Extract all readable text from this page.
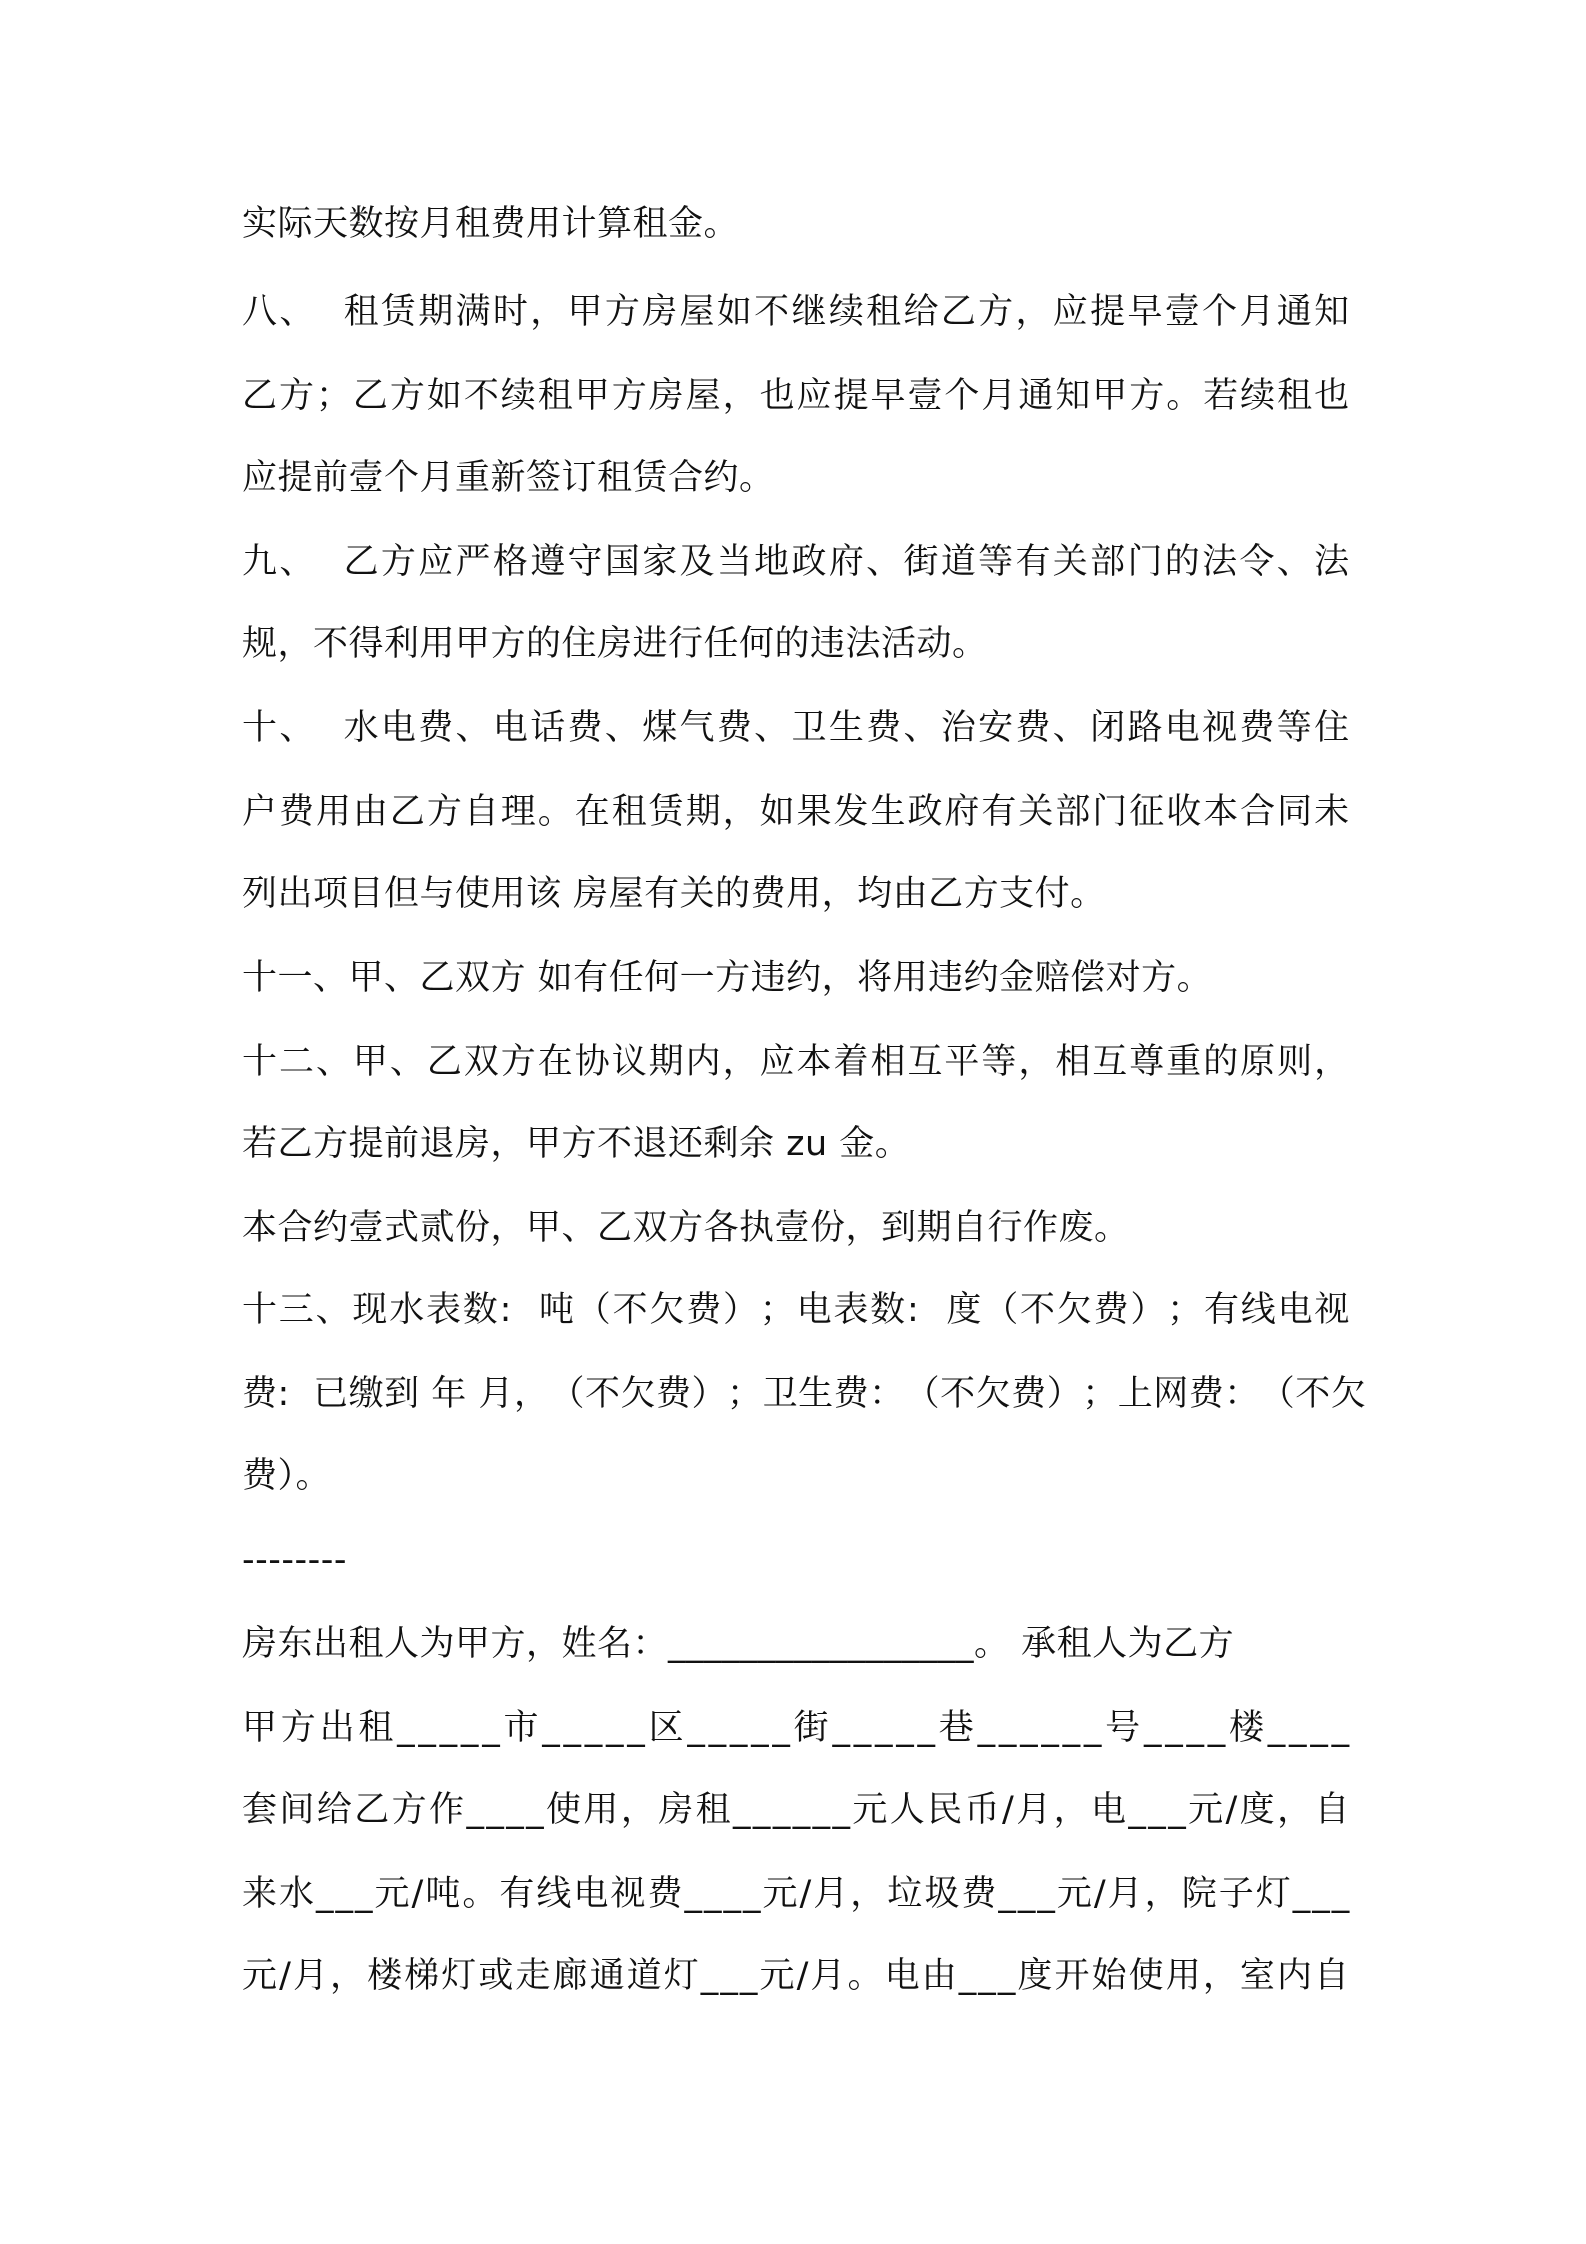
实际天数按月租费用计算租金。
八 、

租 赁 期 满 时 ， 甲 方 房 屋 如 不 继 续 租 给 乙 方 ， 应 提 早 壹 个 月 通 知
乙 方 ； 乙 方 如 不 续 租 甲 方 房 屋 ， 也 应 提 早 壹 个 月 通 知 甲 方 。 若 续 租 也
应提前壹个月重新签订租赁合约。
九 、

乙 方 应 严 格 遵 守 国 家 及 当 地 政 府 、 街 道 等 有 关 部 门 的 法 令 、 法
规，不得利用甲方的住房进行任何的违法活动。
十 、

水 电 费 、 电 话 费 、 煤 气 费 、 卫 生 费 、 治 安 费 、 闭 路 电 视 费 等 住
户 费 用 由 乙 方 自 理 。 在 租 赁 期 ， 如 果 发 生 政 府 有 关 部 门 征 收 本 合 同 未
列出项目但与使用该 房屋有关的费用，均由乙方支付。
十一、甲、乙双方 如有任何一方违约，将用违约金赔偿对方。
十 二 、 甲 、 乙 双 方 在 协 议 期 内 ， 应 本 着 相 互 平 等 ， 相 互 尊 重 的 原 则 ，
若乙方提前退房，甲方不退还剩余 zu 金。
本合约壹式贰份，甲、乙双方各执壹份，到期自行作废。
十 三 、 现 水 表 数 :

吨 （ 不 欠 费 ） ； 电 表 数 :

度 （ 不 欠 费 ） ； 有 线 电 视
费 :

已 缴 到
年
月 ， （ 不 欠 费 ） ； 卫 生 费 ： （ 不 欠 费 ） ； 上 网 费 ： （ 不 欠
费）。
--------
房东出租人为甲方，姓名：_________________。 承租人为乙方
甲 方 出 租 _ _ _ _ _ 市 _ _ _ _ _ 区 _ _ _ _ _ 街 _ _ _ _ _ 巷 _ _ _ _ _ _ 号 _ _ _ _ 楼 _ _ _ _
套 间 给 乙 方 作 _ _ _ _ 使 用 ， 房 租 _ _ _ _ _ _ 元 人 民 币 / 月 ， 电 _ _ _ 元 / 度 ， 自
来 水 _ _ _ 元 / 吨 。 有 线 电 视 费 _ _ _ _ 元 / 月 ， 垃 圾 费 _ _ _ 元 / 月 ， 院 子 灯 _ _ _
元 / 月 ， 楼 梯 灯 或 走 廊 通 道 灯 _ _ _ 元 / 月 。 电 由 _ _ _ 度 开 始 使 用 ， 室 内 自
